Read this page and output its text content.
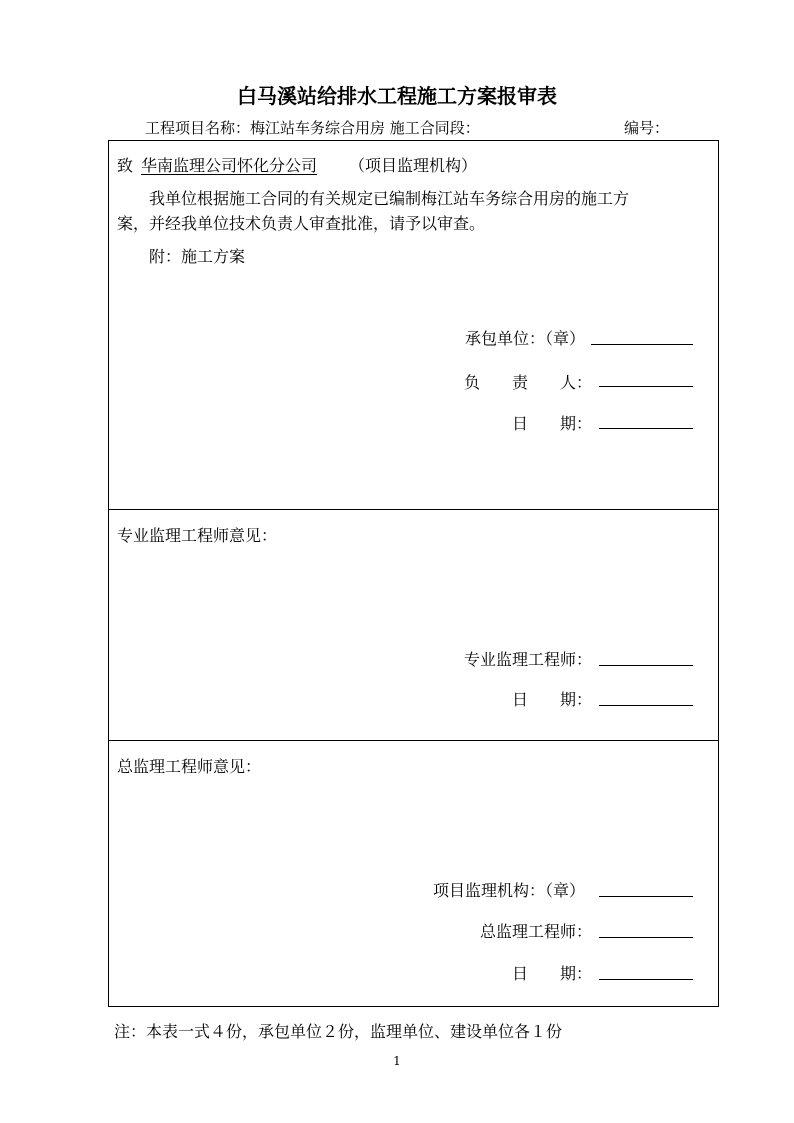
白马溪站给排水工程施工方案报审表
工程项目名称：梅江站车务综合用房 施工合同段：	编号：
致 华南监理公司怀化分公司 （项目监理机构）
我单位根据施工合同的有关规定已编制梅江站车务综合用房的施工方
案，并经我单位技术负责人审查批准，请予以审查。
附：施工方案
承包单位：（章）
负　　责　　人：
日　　期：
专业监理工程师意见：
专业监理工程师：
日　　期：
总监理工程师意见：
项目监理机构：（章）
总监理工程师：
日　　期：
注：本表一式４份，承包单位２份，监理单位、建设单位各１份
1
